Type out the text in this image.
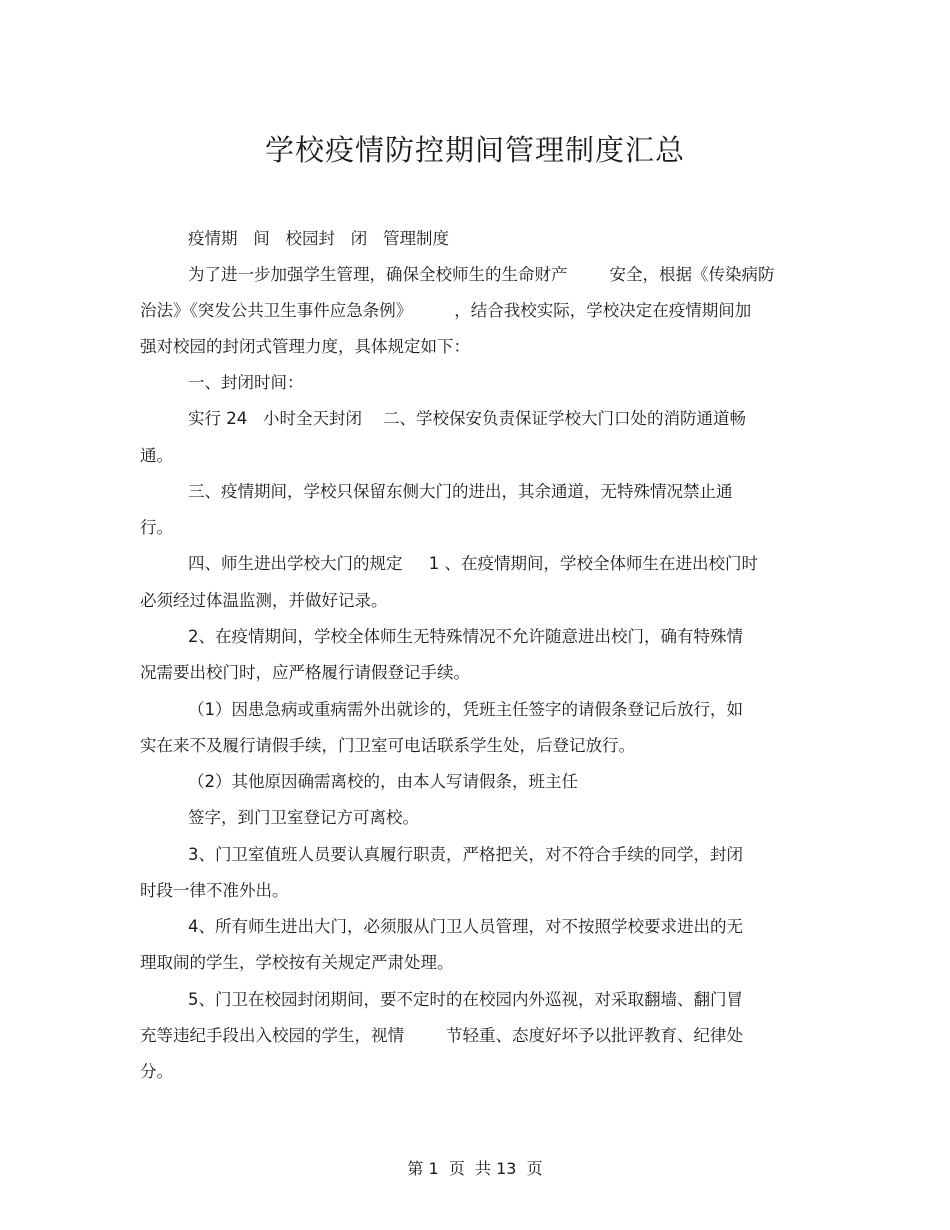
学校疫情防控期间管理制度汇总
疫情期   间   校园封   闭   管理制度
为了进一步加强学生管理，确保全校师生的生命财产        安全，根据《传染病防
治法》《突发公共卫生事件应急条例》        ，结合我校实际，学校决定在疫情期间加
强对校园的封闭式管理力度，具体规定如下：
一、封闭时间：
实行 24   小时全天封闭    二、学校保安负责保证学校大门口处的消防通道畅
通。
三、疫情期间，学校只保留东侧大门的进出，其余通道，无特殊情况禁止通
行。
四、师生进出学校大门的规定     1 、在疫情期间，学校全体师生在进出校门时
必须经过体温监测，并做好记录。
2、在疫情期间，学校全体师生无特殊情况不允许随意进出校门，确有特殊情
况需要出校门时，应严格履行请假登记手续。
（1）因患急病或重病需外出就诊的，凭班主任签字的请假条登记后放行，如
实在来不及履行请假手续，门卫室可电话联系学生处，后登记放行。
（2）其他原因确需离校的，由本人写请假条，班主任
签字，到门卫室登记方可离校。
3、门卫室值班人员要认真履行职责，严格把关，对不符合手续的同学，封闭
时段一律不准外出。
4、所有师生进出大门，必须服从门卫人员管理，对不按照学校要求进出的无
理取闹的学生，学校按有关规定严肃处理。
5、门卫在校园封闭期间，要不定时的在校园内外巡视，对采取翻墙、翻门冒
充等违纪手段出入校园的学生，视情        节轻重、态度好坏予以批评教育、纪律处
分。
第 1  页  共 13  页
